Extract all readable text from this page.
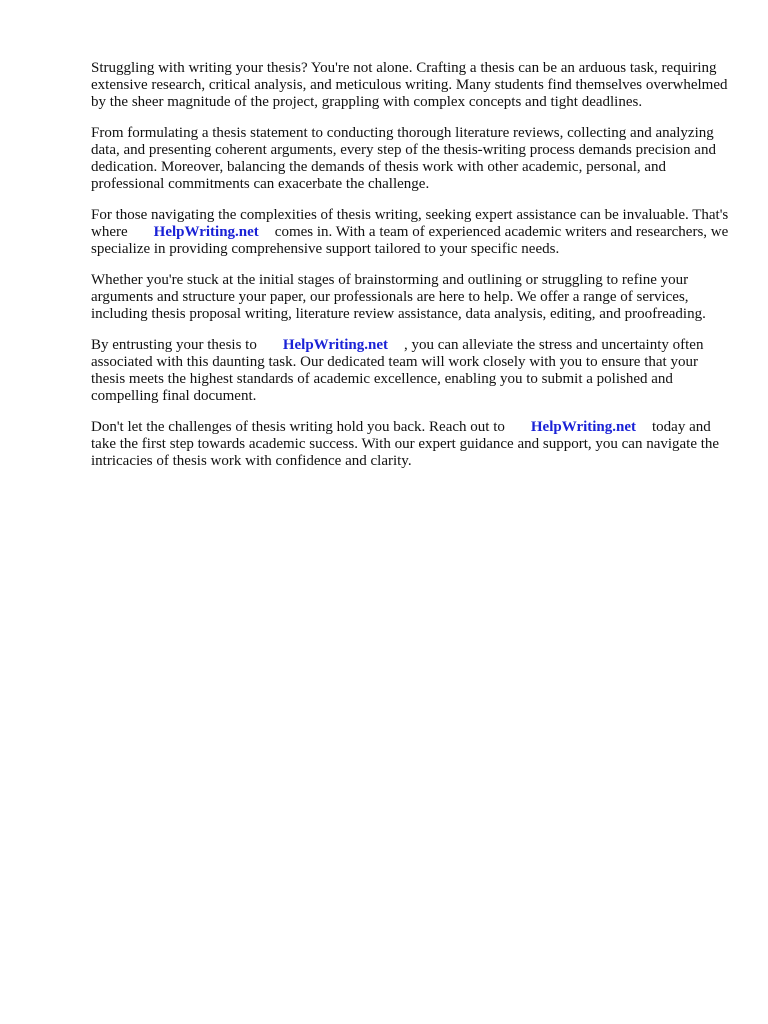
Struggling with writing your thesis? You're not alone. Crafting a thesis can be an arduous task, requiring extensive research, critical analysis, and meticulous writing. Many students find themselves overwhelmed by the sheer magnitude of the project, grappling with complex concepts and tight deadlines.

From formulating a thesis statement to conducting thorough literature reviews, collecting and analyzing data, and presenting coherent arguments, every step of the thesis-writing process demands precision and dedication. Moreover, balancing the demands of thesis work with other academic, personal, and professional commitments can exacerbate the challenge.

For those navigating the complexities of thesis writing, seeking expert assistance can be invaluable. That's where HelpWriting.net comes in. With a team of experienced academic writers and researchers, we specialize in providing comprehensive support tailored to your specific needs.

Whether you're stuck at the initial stages of brainstorming and outlining or struggling to refine your arguments and structure your paper, our professionals are here to help. We offer a range of services, including thesis proposal writing, literature review assistance, data analysis, editing, and proofreading.

By entrusting your thesis to HelpWriting.net , you can alleviate the stress and uncertainty often associated with this daunting task. Our dedicated team will work closely with you to ensure that your thesis meets the highest standards of academic excellence, enabling you to submit a polished and compelling final document.

Don't let the challenges of thesis writing hold you back. Reach out to HelpWriting.net today and take the first step towards academic success. With our expert guidance and support, you can navigate the intricacies of thesis work with confidence and clarity.
